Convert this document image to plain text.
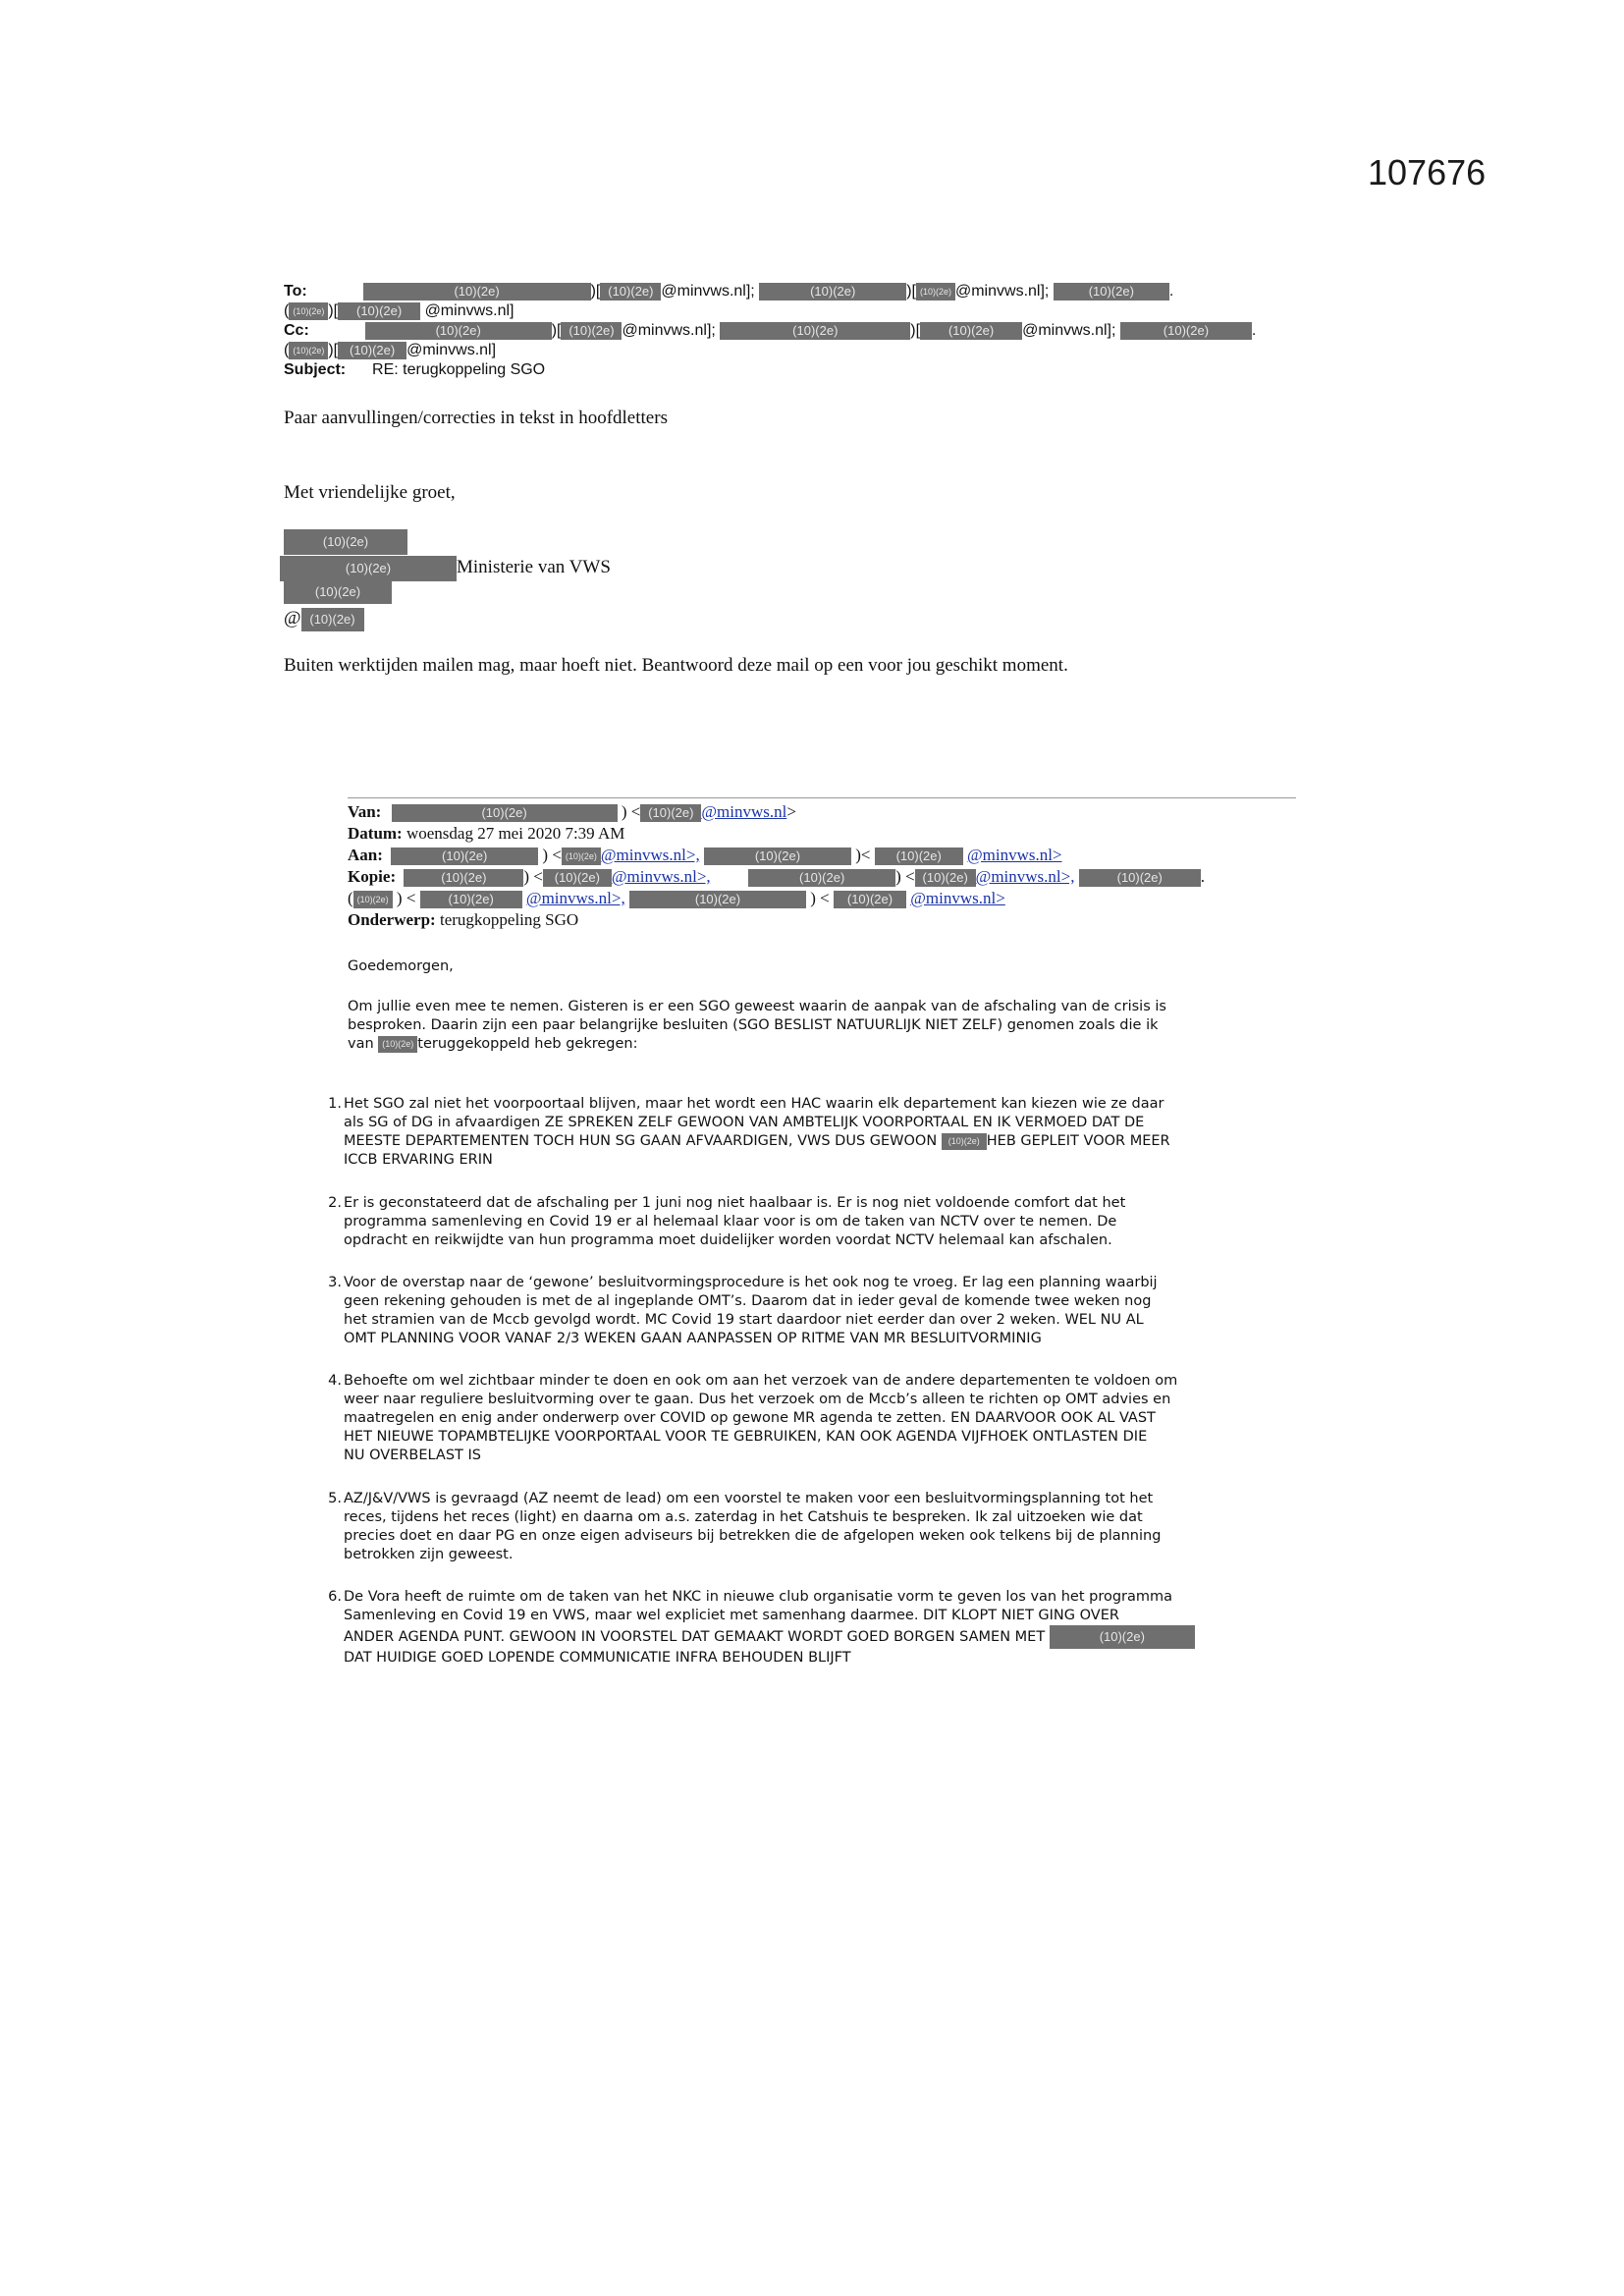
107676
To:	(10)(2e)	)[ (10)(2e) @minvws.nl];	(10)(2e)	)[ (10)(2e) @minvws.nl];	(10)(2e) .
( (10)(2e) )[ (10)(2e) @minvws.nl]
Cc:	(10)(2e)	)[ (10)(2e) @minvws.nl];	(10)(2e)	)[ (10)(2e) @minvws.nl];	(10)(2e)	.
( (10)(2e) )[ (10)(2e) @minvws.nl]
Subject: RE: terugkoppeling SGO
Paar aanvullingen/correcties in tekst in hoofdletters
Met vriendelijke groet,
(10)(2e)
(10)(2e)	Ministerie van VWS
(10)(2e)
@ (10)(2e)
Buiten werktijden mailen mag, maar hoeft niet. Beantwoord deze mail op een voor jou geschikt moment.
Van:	(10)(2e)	) < (10)(2e) @minvws.nl>
Datum: woensdag 27 mei 2020 7:39 AM
Aan:	(10)(2e)	) < (10)(2e) @minvws.nl>,	(10)(2e)	)< (10)(2e) @minvws.nl>
Kopie:	(10)(2e) ) < (10)(2e) @minvws.nl>,	(10)(2e)	) < (10)(2e) @minvws.nl>,	(10)(2e) .
( (10)(2e) ) <	(10)(2e) @minvws.nl>,	(10)(2e)	) < (10)(2e) @minvws.nl>
Onderwerp: terugkoppeling SGO
Goedemorgen,
Om jullie even mee te nemen. Gisteren is er een SGO geweest waarin de aanpak van de afschaling van de crisis is
besproken. Daarin zijn een paar belangrijke besluiten (SGO BESLIST NATUURLIJK NIET ZELF) genomen zoals die ik
van (10)(2e) teruggekoppeld heb gekregen:
1. Het SGO zal niet het voorpoortaal blijven, maar het wordt een HAC waarin elk departement kan kiezen wie ze daar
als SG of DG in afvaardigen ZE SPREKEN ZELF GEWOON VAN AMBTELIJK VOORPORTAAL EN IK VERMOED DAT DE
MEESTE DEPARTEMENTEN TOCH HUN SG GAAN AFVAARDIGEN, VWS DUS GEWOON (10)(2e) HEB GEPLEIT VOOR MEER
ICCB ERVARING ERIN
2. Er is geconstateerd dat de afschaling per 1 juni nog niet haalbaar is. Er is nog niet voldoende comfort dat het
programma samenleving en Covid 19 er al helemaal klaar voor is om de taken van NCTV over te nemen. De
opdracht en reikwijdte van hun programma moet duidelijker worden voordat NCTV helemaal kan afschalen.
3. Voor de overstap naar de ‘gewone’ besluitvormingsprocedure is het ook nog te vroeg. Er lag een planning waarbij
geen rekening gehouden is met de al ingeplande OMT’s. Daarom dat in ieder geval de komende twee weken nog
het stramien van de Mccb gevolgd wordt. MC Covid 19 start daardoor niet eerder dan over 2 weken. WEL NU AL
OMT PLANNING VOOR VANAF 2/3 WEKEN GAAN AANPASSEN OP RITME VAN MR BESLUITVORMINIG
4. Behoefte om wel zichtbaar minder te doen en ook om aan het verzoek van de andere departementen te voldoen om
weer naar reguliere besluitvorming over te gaan. Dus het verzoek om de Mccb’s alleen te richten op OMT advies en
maatregelen en enig ander onderwerp over COVID op gewone MR agenda te zetten. EN DAARVOOR OOK AL VAST
HET NIEUWE TOPAMBTELIJKE VOORPORTAAL VOOR TE GEBRUIKEN, KAN OOK AGENDA VIJFHOEK ONTLASTEN DIE
NU OVERBELAST IS
5. AZ/J&V/VWS is gevraagd (AZ neemt de lead) om een voorstel te maken voor een besluitvormingsplanning tot het
reces, tijdens het reces (light) en daarna om a.s. zaterdag in het Catshuis te bespreken. Ik zal uitzoeken wie dat
precies doet en daar PG en onze eigen adviseurs bij betrekken die de afgelopen weken ook telkens bij de planning
betrokken zijn geweest.
6. De Vora heeft de ruimte om de taken van het NKC in nieuwe club organisatie vorm te geven los van het programma
Samenleving en Covid 19 en VWS, maar wel expliciet met samenhang daarmee. DIT KLOPT NIET GING OVER
ANDER AGENDA PUNT. GEWOON IN VOORSTEL DAT GEMAAKT WORDT GOED BORGEN SAMEN MET	(10)(2e)
DAT HUIDIGE GOED LOPENDE COMMUNICATIE INFRA BEHOUDEN BLIJFT
